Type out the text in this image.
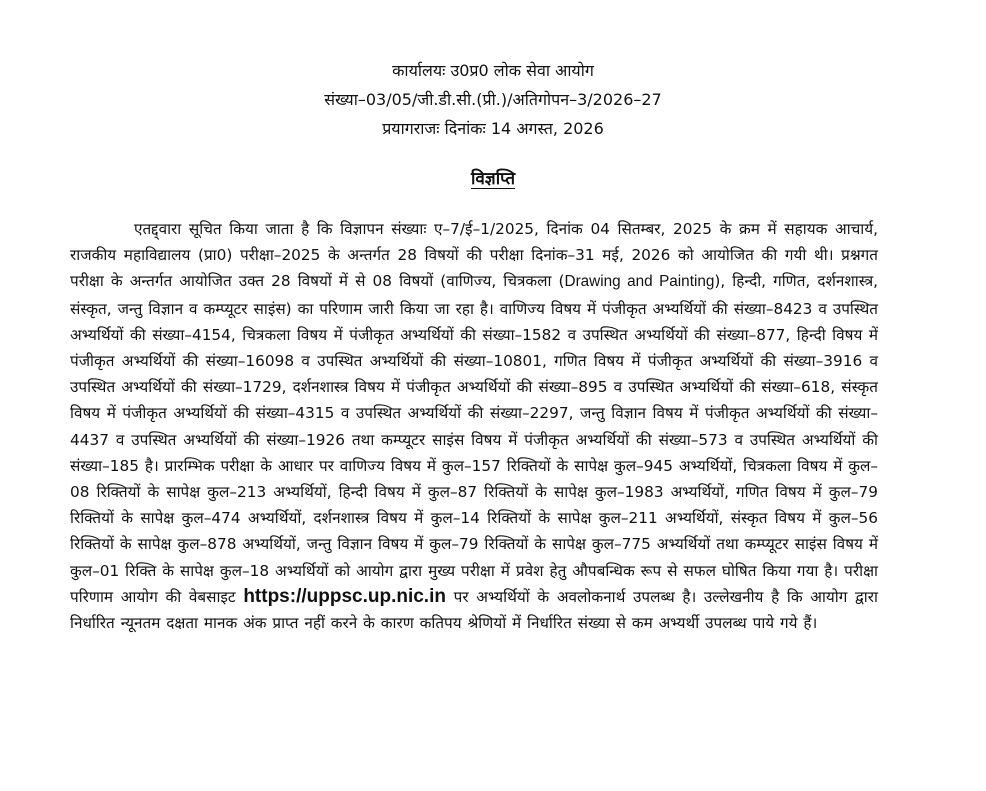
कार्यालयः उ0प्र0 लोक सेवा आयोग
संख्या–03/05/जी.डी.सी.(प्री.)/अतिगोपन–3/2026–27
प्रयागराजः दिनांकः 14 अगस्त, 2026
विज्ञप्ति
एतद्द्वारा सूचित किया जाता है कि विज्ञापन संख्याः ए–7/ई–1/2025, दिनांक 04 सितम्बर, 2025 के क्रम में सहायक आचार्य, राजकीय महाविद्यालय (प्रा0) परीक्षा–2025 के अन्तर्गत 28 विषयों की परीक्षा दिनांक–31 मई, 2026 को आयोजित की गयी थी। प्रश्नगत परीक्षा के अन्तर्गत आयोजित उक्त 28 विषयों में से 08 विषयों (वाणिज्य, चित्रकला (Drawing and Painting), हिन्दी, गणित, दर्शनशास्त्र, संस्कृत, जन्तु विज्ञान व कम्प्यूटर साइंस) का परिणाम जारी किया जा रहा है। वाणिज्य विषय में पंजीकृत अभ्यर्थियों की संख्या–8423 व उपस्थित अभ्यर्थियों की संख्या–4154, चित्रकला विषय में पंजीकृत अभ्यर्थियों की संख्या–1582 व उपस्थित अभ्यर्थियों की संख्या–877, हिन्दी विषय में पंजीकृत अभ्यर्थियों की संख्या–16098 व उपस्थित अभ्यर्थियों की संख्या–10801, गणित विषय में पंजीकृत अभ्यर्थियों की संख्या–3916 व उपस्थित अभ्यर्थियों की संख्या–1729, दर्शनशास्त्र विषय में पंजीकृत अभ्यर्थियों की संख्या–895 व उपस्थित अभ्यर्थियों की संख्या–618, संस्कृत विषय में पंजीकृत अभ्यर्थियों की संख्या–4315 व उपस्थित अभ्यर्थियों की संख्या–2297, जन्तु विज्ञान विषय में पंजीकृत अभ्यर्थियों की संख्या–4437 व उपस्थित अभ्यर्थियों की संख्या–1926 तथा कम्प्यूटर साइंस विषय में पंजीकृत अभ्यर्थियों की संख्या–573 व उपस्थित अभ्यर्थियों की संख्या–185 है। प्रारम्भिक परीक्षा के आधार पर वाणिज्य विषय में कुल–157 रिक्तियों के सापेक्ष कुल–945 अभ्यर्थियों, चित्रकला विषय में कुल–08 रिक्तियों के सापेक्ष कुल–213 अभ्यर्थियों, हिन्दी विषय में कुल–87 रिक्तियों के सापेक्ष कुल–1983 अभ्यर्थियों, गणित विषय में कुल–79 रिक्तियों के सापेक्ष कुल–474 अभ्यर्थियों, दर्शनशास्त्र विषय में कुल–14 रिक्तियों के सापेक्ष कुल–211 अभ्यर्थियों, संस्कृत विषय में कुल–56 रिक्तियों के सापेक्ष कुल–878 अभ्यर्थियों, जन्तु विज्ञान विषय में कुल–79 रिक्तियों के सापेक्ष कुल–775 अभ्यर्थियों तथा कम्प्यूटर साइंस विषय में कुल–01 रिक्ति के सापेक्ष कुल–18 अभ्यर्थियों को आयोग द्वारा मुख्य परीक्षा में प्रवेश हेतु औपबन्धिक रूप से सफल घोषित किया गया है। परीक्षा परिणाम आयोग की वेबसाइट https://uppsc.up.nic.in पर अभ्यर्थियों के अवलोकनार्थ उपलब्ध है। उल्लेखनीय है कि आयोग द्वारा निर्धारित न्यूनतम दक्षता मानक अंक प्राप्त नहीं करने के कारण कतिपय श्रेणियों में निर्धारित संख्या से कम अभ्यर्थी उपलब्ध पाये गये हैं।
